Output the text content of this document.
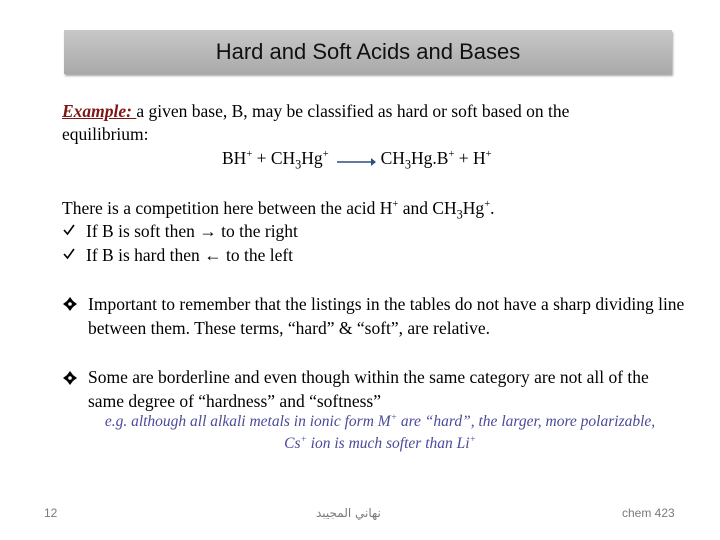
Hard and Soft Acids and Bases
Example: a given base, B, may be classified as hard or soft based on the
equilibrium:
$BH^+ + CH_3Hg^+ \to CH_3Hg.B^+ + H^+$
There is a competition here between the acid H+ and $CH_3Hg^+$.
If B is soft then → to the right
If B is hard then ← to the left
Important to remember that the listings in the tables do not have a sharp dividing line between them. These terms, “hard” & “soft”, are relative.
Some are borderline and even though within the same category are not all of the same degree of “hardness” and “softness”
e.g. although all alkali metals in ionic form M+ are “hard”, the larger, more polarizable, Cs+ ion is much softer than Li+
12	نهاني المجيبد	chem 423
